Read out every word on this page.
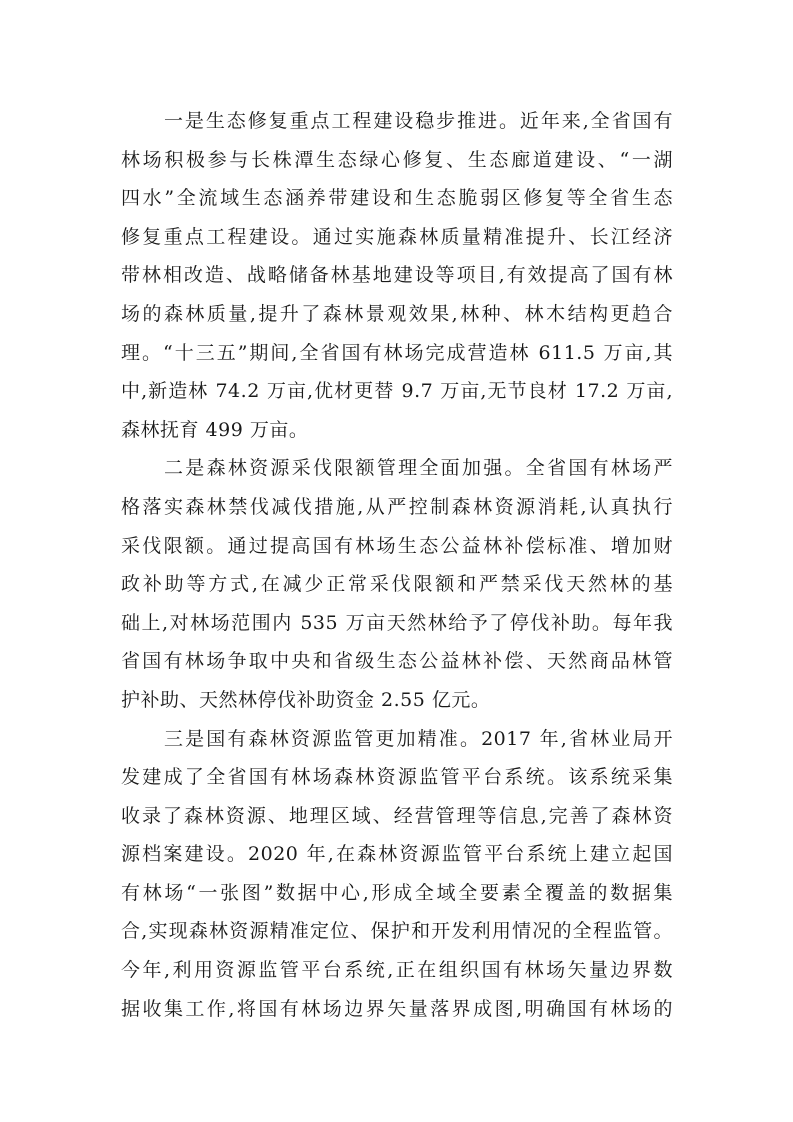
一是生态修复重点工程建设稳步推进。近年来,全省国有
林场积极参与长株潭生态绿心修复、生态廊道建设、“一湖
四水”全流域生态涵养带建设和生态脆弱区修复等全省生态
修复重点工程建设。通过实施森林质量精准提升、长江经济
带林相改造、战略储备林基地建设等项目,有效提高了国有林
场的森林质量,提升了森林景观效果,林种、林木结构更趋合
理。“十三五”期间,全省国有林场完成营造林 611.5 万亩,其
中,新造林 74.2 万亩,优材更替 9.7 万亩,无节良材 17.2 万亩,
森林抚育 499 万亩。
二是森林资源采伐限额管理全面加强。全省国有林场严
格落实森林禁伐减伐措施,从严控制森林资源消耗,认真执行
采伐限额。通过提高国有林场生态公益林补偿标准、增加财
政补助等方式,在减少正常采伐限额和严禁采伐天然林的基
础上,对林场范围内 535 万亩天然林给予了停伐补助。每年我
省国有林场争取中央和省级生态公益林补偿、天然商品林管
护补助、天然林停伐补助资金 2.55 亿元。
三是国有森林资源监管更加精准。2017 年,省林业局开
发建成了全省国有林场森林资源监管平台系统。该系统采集
收录了森林资源、地理区域、经营管理等信息,完善了森林资
源档案建设。2020 年,在森林资源监管平台系统上建立起国
有林场“一张图”数据中心,形成全域全要素全覆盖的数据集
合,实现森林资源精准定位、保护和开发利用情况的全程监管。
今年,利用资源监管平台系统,正在组织国有林场矢量边界数
据收集工作,将国有林场边界矢量落界成图,明确国有林场的
